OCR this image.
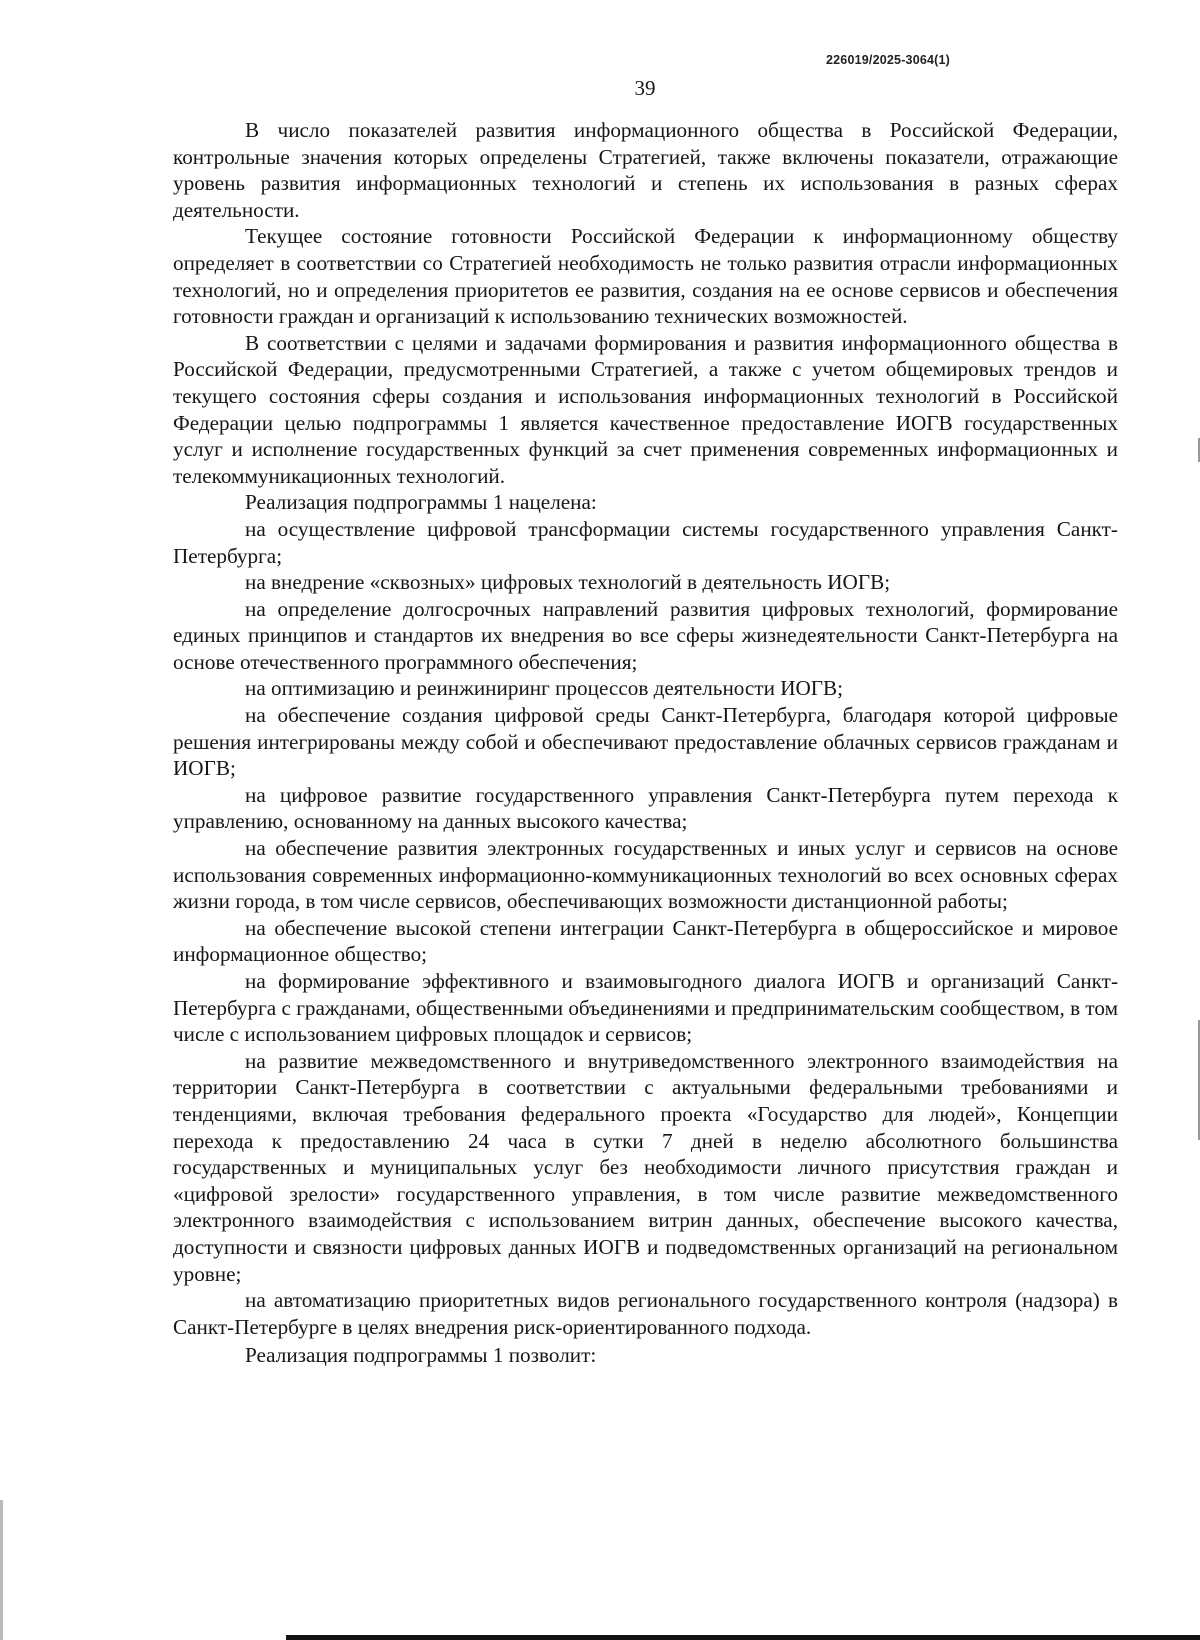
226019/2025-3064(1)
39

В число показателей развития информационного общества в Российской Федерации, контрольные значения которых определены Стратегией, также включены показатели, отражающие уровень развития информационных технологий и степень их использования в разных сферах деятельности.

Текущее состояние готовности Российской Федерации к информационному обществу определяет в соответствии со Стратегией необходимость не только развития отрасли информационных технологий, но и определения приоритетов ее развития, создания на ее основе сервисов и обеспечения готовности граждан и организаций к использованию технических возможностей.

В соответствии с целями и задачами формирования и развития информационного общества в Российской Федерации, предусмотренными Стратегией, а также с учетом общемировых трендов и текущего состояния сферы создания и использования информационных технологий в Российской Федерации целью подпрограммы 1 является качественное предоставление ИОГВ государственных услуг и исполнение государственных функций за счет применения современных информационных и телекоммуникационных технологий.

Реализация подпрограммы 1 нацелена:

на осуществление цифровой трансформации системы государственного управления Санкт-Петербурга;

на внедрение «сквозных» цифровых технологий в деятельность ИОГВ;

на определение долгосрочных направлений развития цифровых технологий, формирование единых принципов и стандартов их внедрения во все сферы жизнедеятельности Санкт-Петербурга на основе отечественного программного обеспечения;

на оптимизацию и реинжиниринг процессов деятельности ИОГВ;

на обеспечение создания цифровой среды Санкт-Петербурга, благодаря которой цифровые решения интегрированы между собой и обеспечивают предоставление облачных сервисов гражданам и ИОГВ;

на цифровое развитие государственного управления Санкт-Петербурга путем перехода к управлению, основанному на данных высокого качества;

на обеспечение развития электронных государственных и иных услуг и сервисов на основе использования современных информационно-коммуникационных технологий во всех основных сферах жизни города, в том числе сервисов, обеспечивающих возможности дистанционной работы;

на обеспечение высокой степени интеграции Санкт-Петербурга в общероссийское и мировое информационное общество;

на формирование эффективного и взаимовыгодного диалога ИОГВ и организаций Санкт-Петербурга с гражданами, общественными объединениями и предпринимательским сообществом, в том числе с использованием цифровых площадок и сервисов;

на развитие межведомственного и внутриведомственного электронного взаимодействия на территории Санкт-Петербурга в соответствии с актуальными федеральными требованиями и тенденциями, включая требования федерального проекта «Государство для людей», Концепции перехода к предоставлению 24 часа в сутки 7 дней в неделю абсолютного большинства государственных и муниципальных услуг без необходимости личного присутствия граждан и «цифровой зрелости» государственного управления, в том числе развитие межведомственного электронного взаимодействия с использованием витрин данных, обеспечение высокого качества, доступности и связности цифровых данных ИОГВ и подведомственных организаций на региональном уровне;

на автоматизацию приоритетных видов регионального государственного контроля (надзора) в Санкт-Петербурге в целях внедрения риск-ориентированного подхода.

Реализация подпрограммы 1 позволит:
